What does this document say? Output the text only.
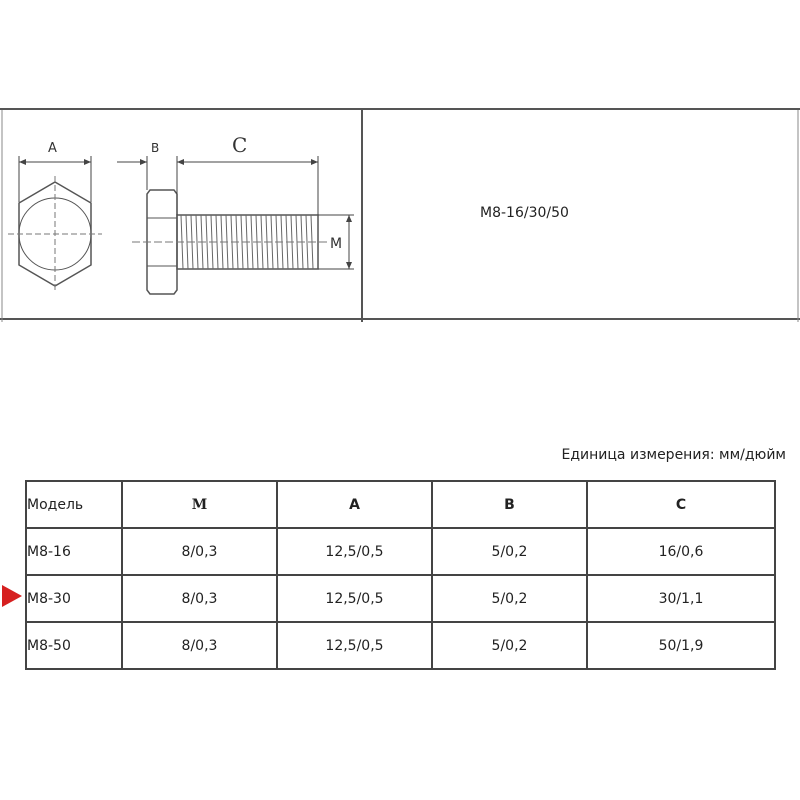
A	B	C
M
M8-16/30/50
Единица измерения: мм/дюйм
Модель	M	A	B	C
M8-16	8/0,3	12,5/0,5	5/0,2	16/0,6
M8-30	8/0,3	12,5/0,5	5/0,2	30/1,1
M8-50	8/0,3	12,5/0,5	5/0,2	50/1,9
